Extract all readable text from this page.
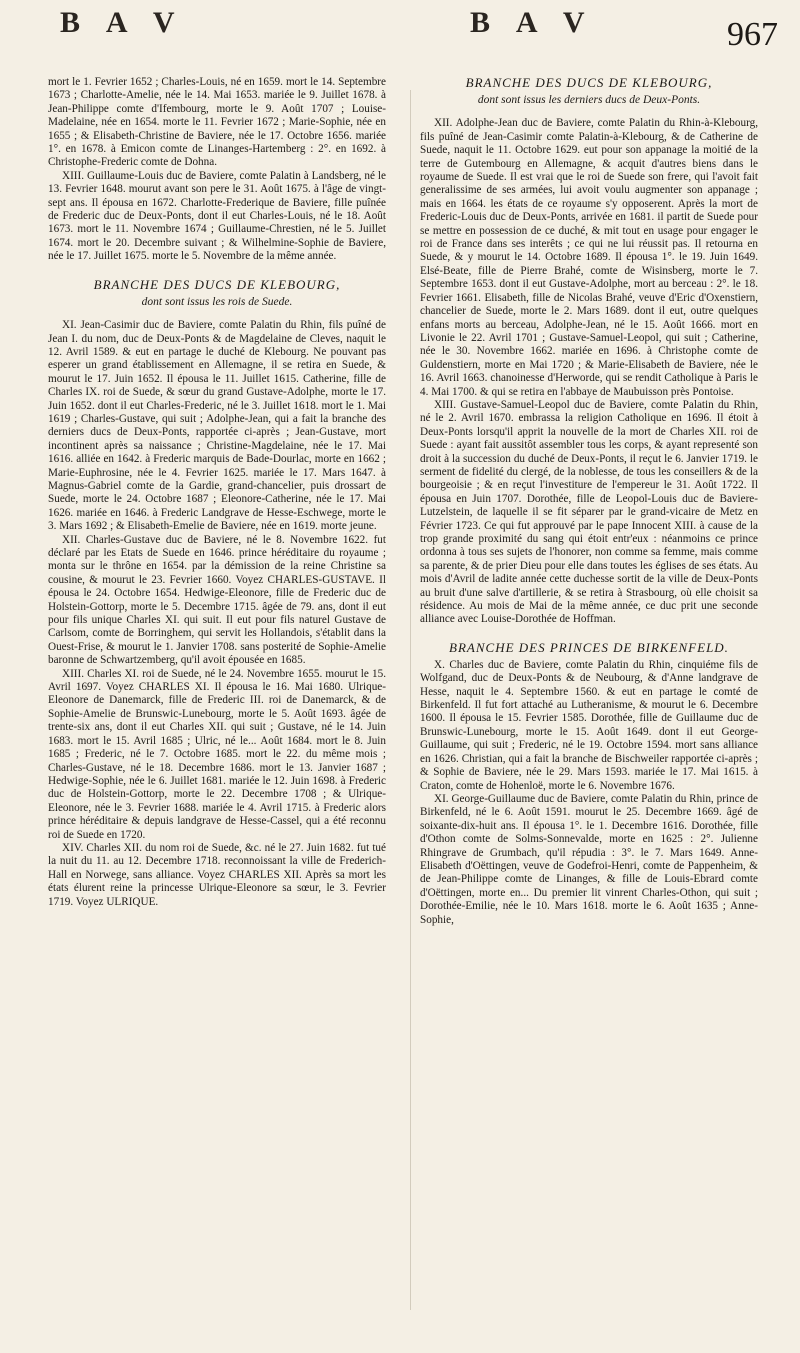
B A V	B A V	967

mort le 1. Fevrier 1652 ; Charles-Louis, né en 1659. mort le 14. Septembre 1673 ; Charlotte-Amelie, née le 14. Mai 1653. mariée le 9. Juillet 1678. à Jean-Philippe comte d'Ifembourg, morte le 9. Août 1707 ; Louise-Madelaine, née en 1654. morte le 11. Fevrier 1672 ; Marie-Sophie, née en 1655 ; & Elisabeth-Christine de Baviere, née le 17. Octobre 1656. mariée 1°. en 1678. à Emicon comte de Linanges-Hartemberg : 2°. en 1692. à Christophe-Frederic comte de Dohna.

XIII. Guillaume-Louis duc de Baviere, comte Palatin à Landsberg, né le 13. Fevrier 1648. mourut avant son pere le 31. Août 1675. à l'âge de vingt-sept ans. Il épousa en 1672. Charlotte-Frederique de Baviere, fille puînée de Frederic duc de Deux-Ponts, dont il eut Charles-Louis, né le 18. Août 1673. mort le 11. Novembre 1674 ; Guillaume-Chrestien, né le 5. Juillet 1674. mort le 20. Decembre suivant ; & Wilhelmine-Sophie de Baviere, née le 17. Juillet 1675. morte le 5. Novembre de la même année.

BRANCHE DES DUCS DE KLEBOURG,
dont sont issus les rois de Suede.

XI. Jean-Casimir duc de Baviere, comte Palatin du Rhin, fils puîné de Jean I. du nom, duc de Deux-Ponts & de Magdelaine de Cleves, naquit le 12. Avril 1589. & eut en partage le duché de Klebourg. Ne pouvant pas esperer un grand établissement en Allemagne, il se retira en Suede, & mourut le 17. Juin 1652. Il épousa le 11. Juillet 1615. Catherine, fille de Charles IX. roi de Suede, & sœur du grand Gustave-Adolphe, morte le 17. Juin 1652. dont il eut Charles-Frederic, né le 3. Juillet 1618. mort le 1. Mai 1619 ; Charles-Gustave, qui suit ; Adolphe-Jean, qui a fait la branche des derniers ducs de Deux-Ponts, rapportée ci-après ; Jean-Gustave, mort incontinent après sa naissance ; Christine-Magdelaine, née le 17. Mai 1616. alliée en 1642. à Frederic marquis de Bade-Dourlac, morte en 1662 ; Marie-Euphrosine, née le 4. Fevrier 1625. mariée le 17. Mars 1647. à Magnus-Gabriel comte de la Gardie, grand-chancelier, puis drossart de Suede, morte le 24. Octobre 1687 ; Eleonore-Catherine, née le 17. Mai 1626. mariée en 1646. à Frederic Landgrave de Hesse-Eschwege, morte le 3. Mars 1692 ; & Elisabeth-Emelie de Baviere, née en 1619. morte jeune.

XII. Charles-Gustave duc de Baviere, né le 8. Novembre 1622. fut déclaré par les Etats de Suede en 1646. prince héréditaire du royaume ; monta sur le thrône en 1654. par la démission de la reine Christine sa cousine, & mourut le 23. Fevrier 1660. Voyez CHARLES-GUSTAVE. Il épousa le 24. Octobre 1654. Hedwige-Eleonore, fille de Frederic duc de Holstein-Gottorp, morte le 5. Decembre 1715. âgée de 79. ans, dont il eut pour fils unique Charles XI. qui suit. Il eut pour fils naturel Gustave de Carlsom, comte de Borringhem, qui servit les Hollandois, s'établit dans la Ouest-Frise, & mourut le 1. Janvier 1708. sans posterité de Sophie-Amelie baronne de Schwartzemberg, qu'il avoit épousée en 1685.

XIII. Charles XI. roi de Suede, né le 24. Novembre 1655. mourut le 15. Avril 1697. Voyez CHARLES XI. Il épousa le 16. Mai 1680. Ulrique-Eleonore de Danemarck, fille de Frederic III. roi de Danemarck, & de Sophie-Amelie de Brunswic-Lunebourg, morte le 5. Août 1693. âgée de trente-six ans, dont il eut Charles XII. qui suit ; Gustave, né le 14. Juin 1683. mort le 15. Avril 1685 ; Ulric, né le... Août 1684. mort le 8. Juin 1685 ; Frederic, né le 7. Octobre 1685. mort le 22. du même mois ; Charles-Gustave, né le 18. Decembre 1686. mort le 13. Janvier 1687 ; Hedwige-Sophie, née le 6. Juillet 1681. mariée le 12. Juin 1698. à Frederic duc de Holstein-Gottorp, morte le 22. Decembre 1708 ; & Ulrique-Eleonore, née le 3. Fevrier 1688. mariée le 4. Avril 1715. à Frederic alors prince héréditaire & depuis landgrave de Hesse-Cassel, qui a été reconnu roi de Suede en 1720.

XIV. Charles XII. du nom roi de Suede, &c. né le 27. Juin 1682. fut tué la nuit du 11. au 12. Decembre 1718. reconnoissant la ville de Frederich-Hall en Norwege, sans alliance. Voyez CHARLES XII. Après sa mort les états élurent reine la princesse Ulrique-Eleonore sa sœur, le 3. Fevrier 1719. Voyez ULRIQUE.

BRANCHE DES DUCS DE KLEBOURG,
dont sont issus les derniers ducs de Deux-Ponts.

XII. Adolphe-Jean duc de Baviere, comte Palatin du Rhin-à-Klebourg, fils puîné de Jean-Casimir comte Palatin-à-Klebourg, & de Catherine de Suede, naquit le 11. Octobre 1629. eut pour son appanage la moitié de la terre de Gutembourg en Allemagne, & acquit d'autres biens dans le royaume de Suede. Il est vrai que le roi de Suede son frere, qui l'avoit fait generalissime de ses armées, lui avoit voulu augmenter son appanage ; mais en 1664. les états de ce royaume s'y opposerent. Après la mort de Frederic-Louis duc de Deux-Ponts, arrivée en 1681. il partit de Suede pour se mettre en possession de ce duché, & mit tout en usage pour engager le roi de France dans ses interêts ; ce qui ne lui réussit pas. Il retourna en Suede, & y mourut le 14. Octobre 1689. Il épousa 1°. le 19. Juin 1649. Elsé-Beate, fille de Pierre Brahé, comte de Wisinsberg, morte le 7. Septembre 1653. dont il eut Gustave-Adolphe, mort au berceau : 2°. le 18. Fevrier 1661. Elisabeth, fille de Nicolas Brahé, veuve d'Eric d'Oxenstiern, chancelier de Suede, morte le 2. Mars 1689. dont il eut, outre quelques enfans morts au berceau, Adolphe-Jean, né le 15. Août 1666. mort en Livonie le 22. Avril 1701 ; Gustave-Samuel-Leopol, qui suit ; Catherine, née le 30. Novembre 1662. mariée en 1696. à Christophe comte de Guldenstiern, morte en Mai 1720 ; & Marie-Elisabeth de Baviere, née le 16. Avril 1663. chanoinesse d'Herworde, qui se rendit Catholique à Paris le 4. Mai 1700. & qui se retira en l'abbaye de Maubuisson près Pontoise.

XIII. Gustave-Samuel-Leopol duc de Baviere, comte Palatin du Rhin, né le 2. Avril 1670. embrassa la religion Catholique en 1696. Il étoit à Deux-Ponts lorsqu'il apprit la nouvelle de la mort de Charles XII. roi de Suede : ayant fait aussitôt assembler tous les corps, & ayant representé son droit à la succession du duché de Deux-Ponts, il reçut le 6. Janvier 1719. le serment de fidelité du clergé, de la noblesse, de tous les conseillers & de la bourgeoisie ; & en reçut l'investiture de l'empereur le 31. Août 1722. Il épousa en Juin 1707. Dorothée, fille de Leopol-Louis duc de Baviere-Lutzelstein, de laquelle il se fit séparer par le grand-vicaire de Metz en Février 1723. Ce qui fut approuvé par le pape Innocent XIII. à cause de la trop grande proximité du sang qui étoit entr'eux : néanmoins ce prince ordonna à tous ses sujets de l'honorer, non comme sa femme, mais comme sa parente, & de prier Dieu pour elle dans toutes les églises de ses états. Au mois d'Avril de ladite année cette duchesse sortit de la ville de Deux-Ponts au bruit d'une salve d'artillerie, & se retira à Strasbourg, où elle choisit sa résidence. Au mois de Mai de la même année, ce duc prit une seconde alliance avec Louise-Dorothée de Hoffman.

BRANCHE DES PRINCES DE BIRKENFELD.

X. Charles duc de Baviere, comte Palatin du Rhin, cinquiéme fils de Wolfgand, duc de Deux-Ponts & de Neubourg, & d'Anne landgrave de Hesse, naquit le 4. Septembre 1560. & eut en partage le comté de Birkenfeld. Il fut fort attaché au Lutheranisme, & mourut le 6. Decembre 1600. Il épousa le 15. Fevrier 1585. Dorothée, fille de Guillaume duc de Brunswic-Lunebourg, morte le 15. Août 1649. dont il eut George-Guillaume, qui suit ; Frederic, né le 19. Octobre 1594. mort sans alliance en 1626. Christian, qui a fait la branche de Bischweiler rapportée ci-après ; & Sophie de Baviere, née le 29. Mars 1593. mariée le 17. Mai 1615. à Craton, comte de Hohenloë, morte le 6. Novembre 1676.

XI. George-Guillaume duc de Baviere, comte Palatin du Rhin, prince de Birkenfeld, né le 6. Août 1591. mourut le 25. Decembre 1669. âgé de soixante-dix-huit ans. Il épousa 1°. le 1. Decembre 1616. Dorothée, fille d'Othon comte de Solms-Sonnevalde, morte en 1625 : 2°. Julienne Rhingrave de Grumbach, qu'il répudia : 3°. le 7. Mars 1649. Anne-Elisabeth d'Oëttingen, veuve de Godefroi-Henri, comte de Pappenheim, & de Jean-Philippe comte de Linanges, & fille de Louis-Ebrard comte d'Oëttingen, morte en... Du premier lit vinrent Charles-Othon, qui suit ; Dorothée-Emilie, née le 10. Mars 1618. morte le 6. Août 1635 ; Anne-Sophie,
